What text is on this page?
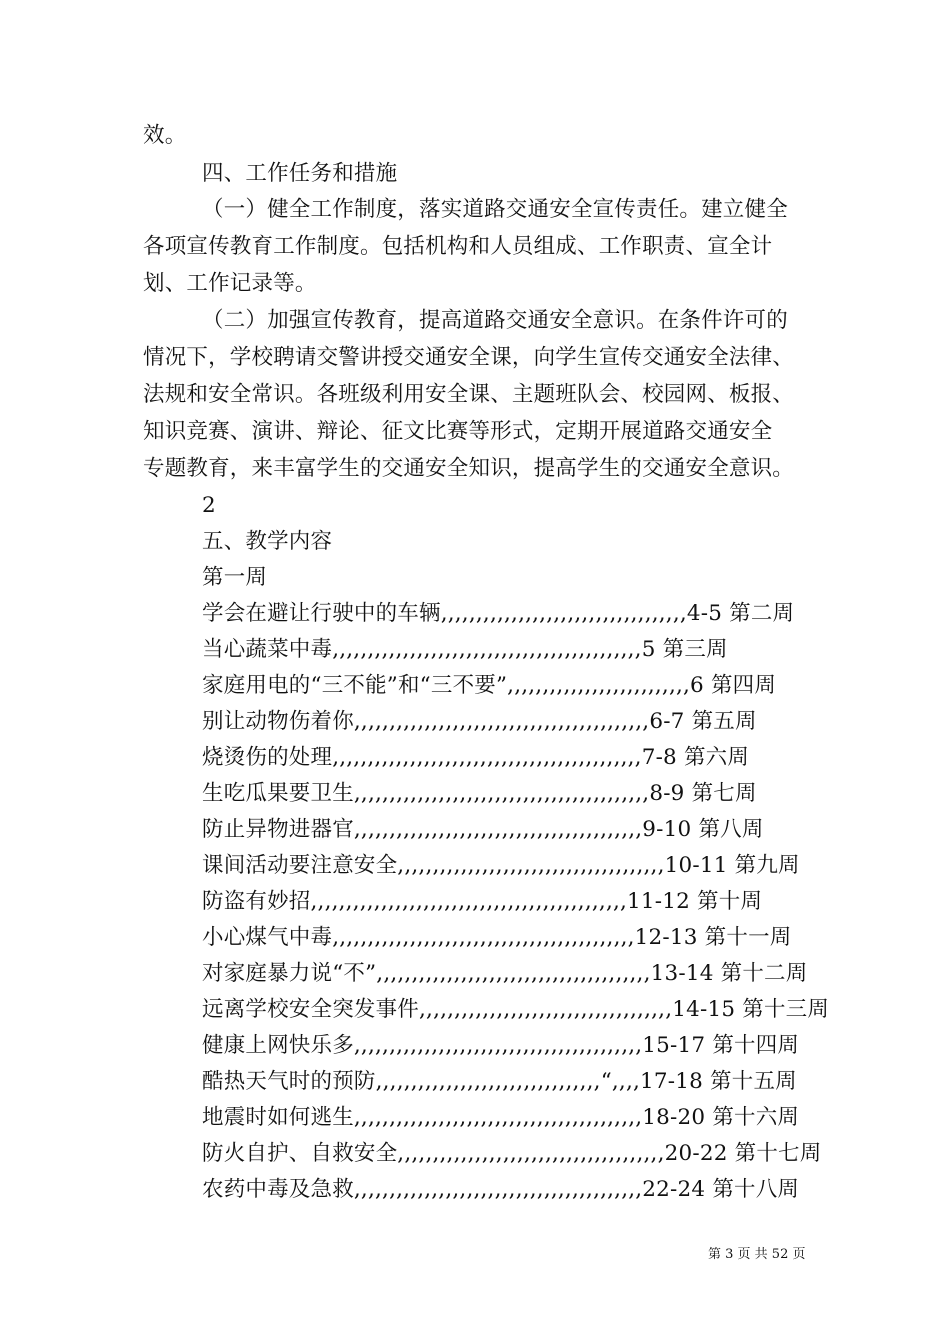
效。
四、工作任务和措施
（一）健全工作制度，落实道路交通安全宣传责任。建立健全
各项宣传教育工作制度。包括机构和人员组成、工作职责、宣全计
划、工作记录等。
（二）加强宣传教育，提高道路交通安全意识。在条件许可的
情况下，学校聘请交警讲授交通安全课，向学生宣传交通安全法律、
法规和安全常识。各班级利用安全课、主题班队会、校园网、板报、
知识竞赛、演讲、辩论、征文比赛等形式，定期开展道路交通安全
专题教育，来丰富学生的交通安全知识，提高学生的交通安全意识。
2
五、教学内容
第一周
学会在避让行驶中的车辆,,,,,,,,,,,,,,,,,,,,,,,,,,,,,,,,,,,4-5 第二周
当心蔬菜中毒,,,,,,,,,,,,,,,,,,,,,,,,,,,,,,,,,,,,,,,,,,,,5 第三周
家庭用电的“三不能”和“三不要”,,,,,,,,,,,,,,,,,,,,,,,,,,6 第四周
别让动物伤着你,,,,,,,,,,,,,,,,,,,,,,,,,,,,,,,,,,,,,,,,,,6-7 第五周
烧烫伤的处理,,,,,,,,,,,,,,,,,,,,,,,,,,,,,,,,,,,,,,,,,,,,7-8 第六周
生吃瓜果要卫生,,,,,,,,,,,,,,,,,,,,,,,,,,,,,,,,,,,,,,,,,,8-9 第七周
防止异物进器官,,,,,,,,,,,,,,,,,,,,,,,,,,,,,,,,,,,,,,,,,9-10 第八周
课间活动要注意安全,,,,,,,,,,,,,,,,,,,,,,,,,,,,,,,,,,,,,,10-11 第九周
防盗有妙招,,,,,,,,,,,,,,,,,,,,,,,,,,,,,,,,,,,,,,,,,,,,,11-12 第十周
小心煤气中毒,,,,,,,,,,,,,,,,,,,,,,,,,,,,,,,,,,,,,,,,,,,12-13 第十一周
对家庭暴力说“不”,,,,,,,,,,,,,,,,,,,,,,,,,,,,,,,,,,,,,,,13-14 第十二周
远离学校安全突发事件,,,,,,,,,,,,,,,,,,,,,,,,,,,,,,,,,,,,14-15 第十三周
健康上网快乐多,,,,,,,,,,,,,,,,,,,,,,,,,,,,,,,,,,,,,,,,,15-17 第十四周
酷热天气时的预防,,,,,,,,,,,,,,,,,,,,,,,,,,,,,,,,“,,,,17-18 第十五周
地震时如何逃生,,,,,,,,,,,,,,,,,,,,,,,,,,,,,,,,,,,,,,,,,18-20 第十六周
防火自护、自救安全,,,,,,,,,,,,,,,,,,,,,,,,,,,,,,,,,,,,,,20-22 第十七周
农药中毒及急救,,,,,,,,,,,,,,,,,,,,,,,,,,,,,,,,,,,,,,,,,22-24 第十八周
第 3 页 共 52 页
